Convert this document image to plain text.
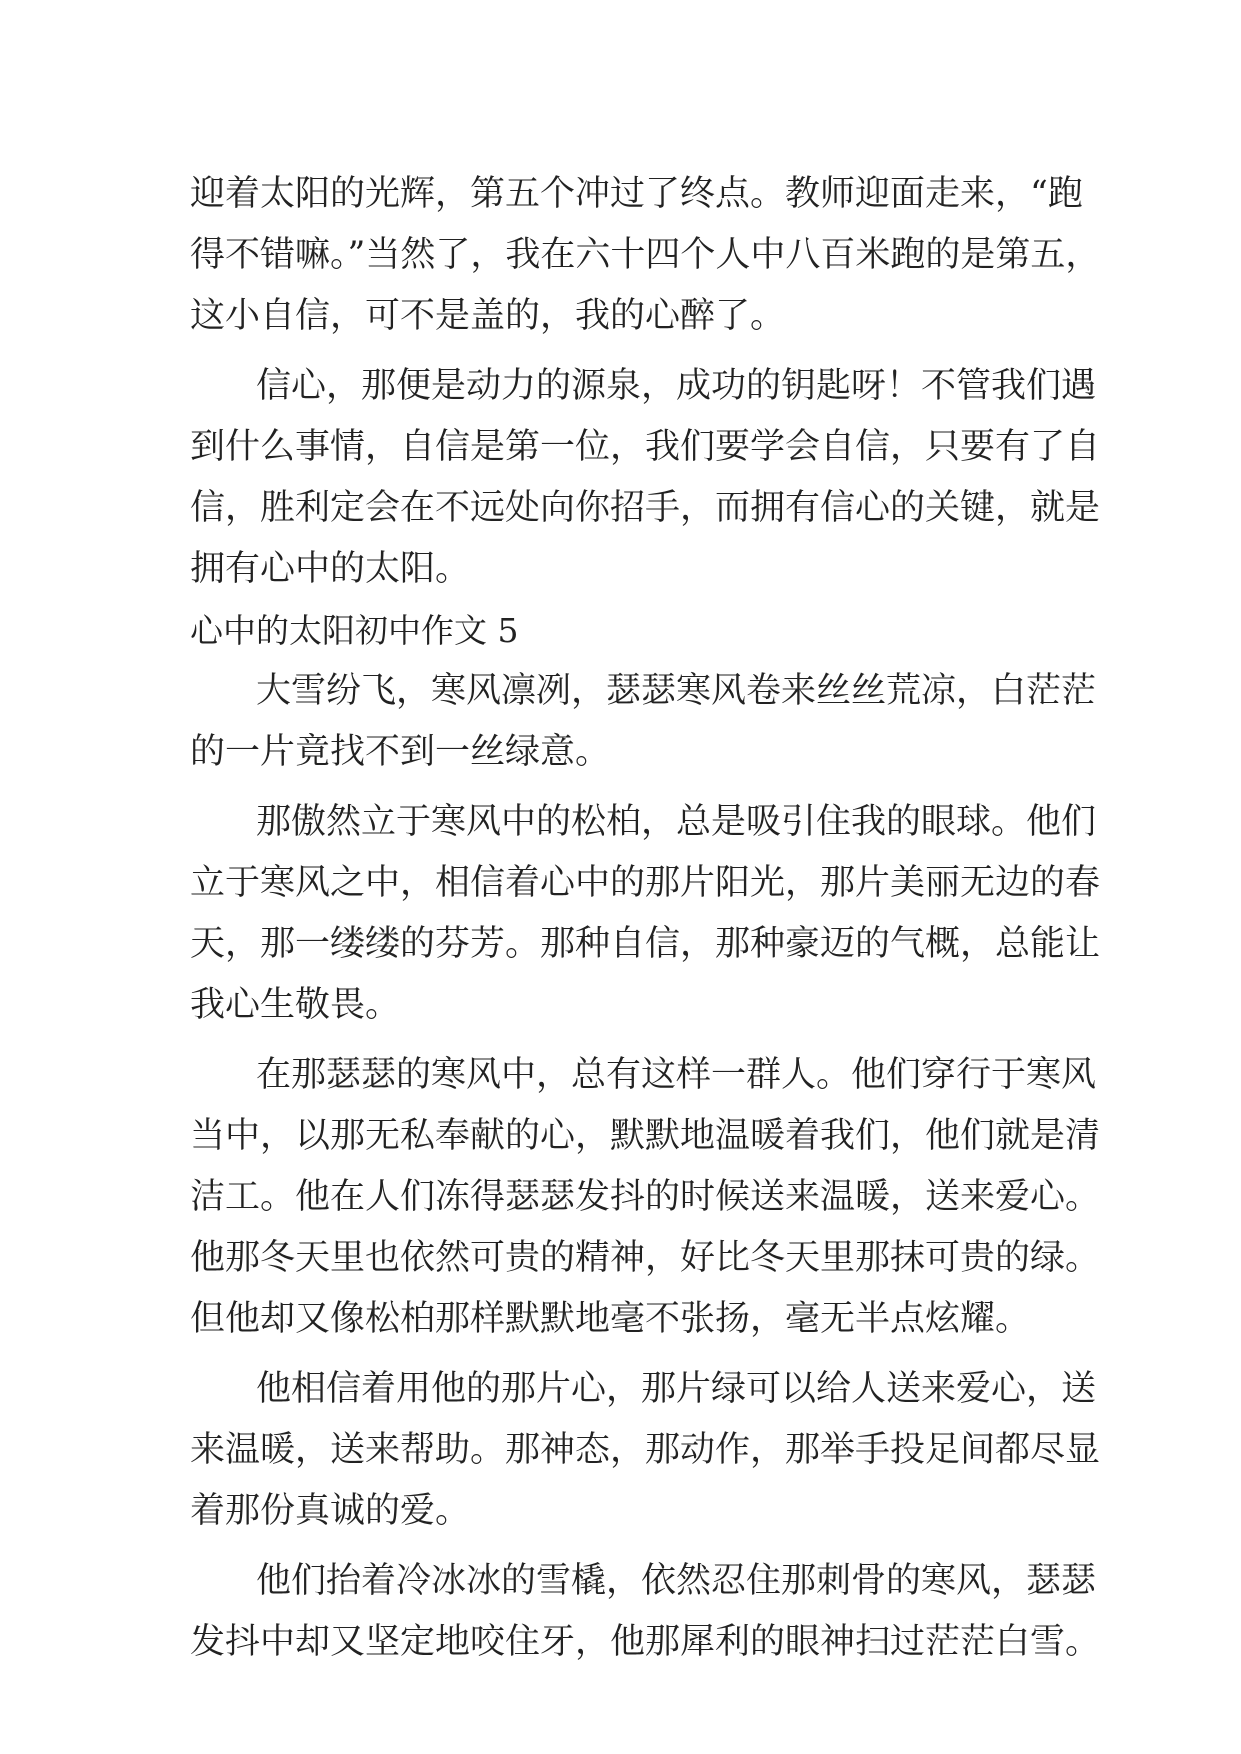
迎着太阳的光辉，第五个冲过了终点。教师迎面走来，“跑
得不错嘛。”当然了，我在六十四个人中八百米跑的是第五，
这小自信，可不是盖的，我的心醉了。
信心，那便是动力的源泉，成功的钥匙呀！不管我们遇
到什么事情，自信是第一位，我们要学会自信，只要有了自
信，胜利定会在不远处向你招手，而拥有信心的关键，就是
拥有心中的太阳。
心中的太阳初中作文 5
大雪纷飞，寒风凛冽，瑟瑟寒风卷来丝丝荒凉，白茫茫
的一片竟找不到一丝绿意。
那傲然立于寒风中的松柏，总是吸引住我的眼球。他们
立于寒风之中，相信着心中的那片阳光，那片美丽无边的春
天，那一缕缕的芬芳。那种自信，那种豪迈的气概，总能让
我心生敬畏。
在那瑟瑟的寒风中，总有这样一群人。他们穿行于寒风
当中，以那无私奉献的心，默默地温暖着我们，他们就是清
洁工。他在人们冻得瑟瑟发抖的时候送来温暖，送来爱心。
他那冬天里也依然可贵的精神，好比冬天里那抹可贵的绿。
但他却又像松柏那样默默地毫不张扬，毫无半点炫耀。
他相信着用他的那片心，那片绿可以给人送来爱心，送
来温暖，送来帮助。那神态，那动作，那举手投足间都尽显
着那份真诚的爱。
他们抬着冷冰冰的雪橇，依然忍住那刺骨的寒风，瑟瑟
发抖中却又坚定地咬住牙，他那犀利的眼神扫过茫茫白雪。
